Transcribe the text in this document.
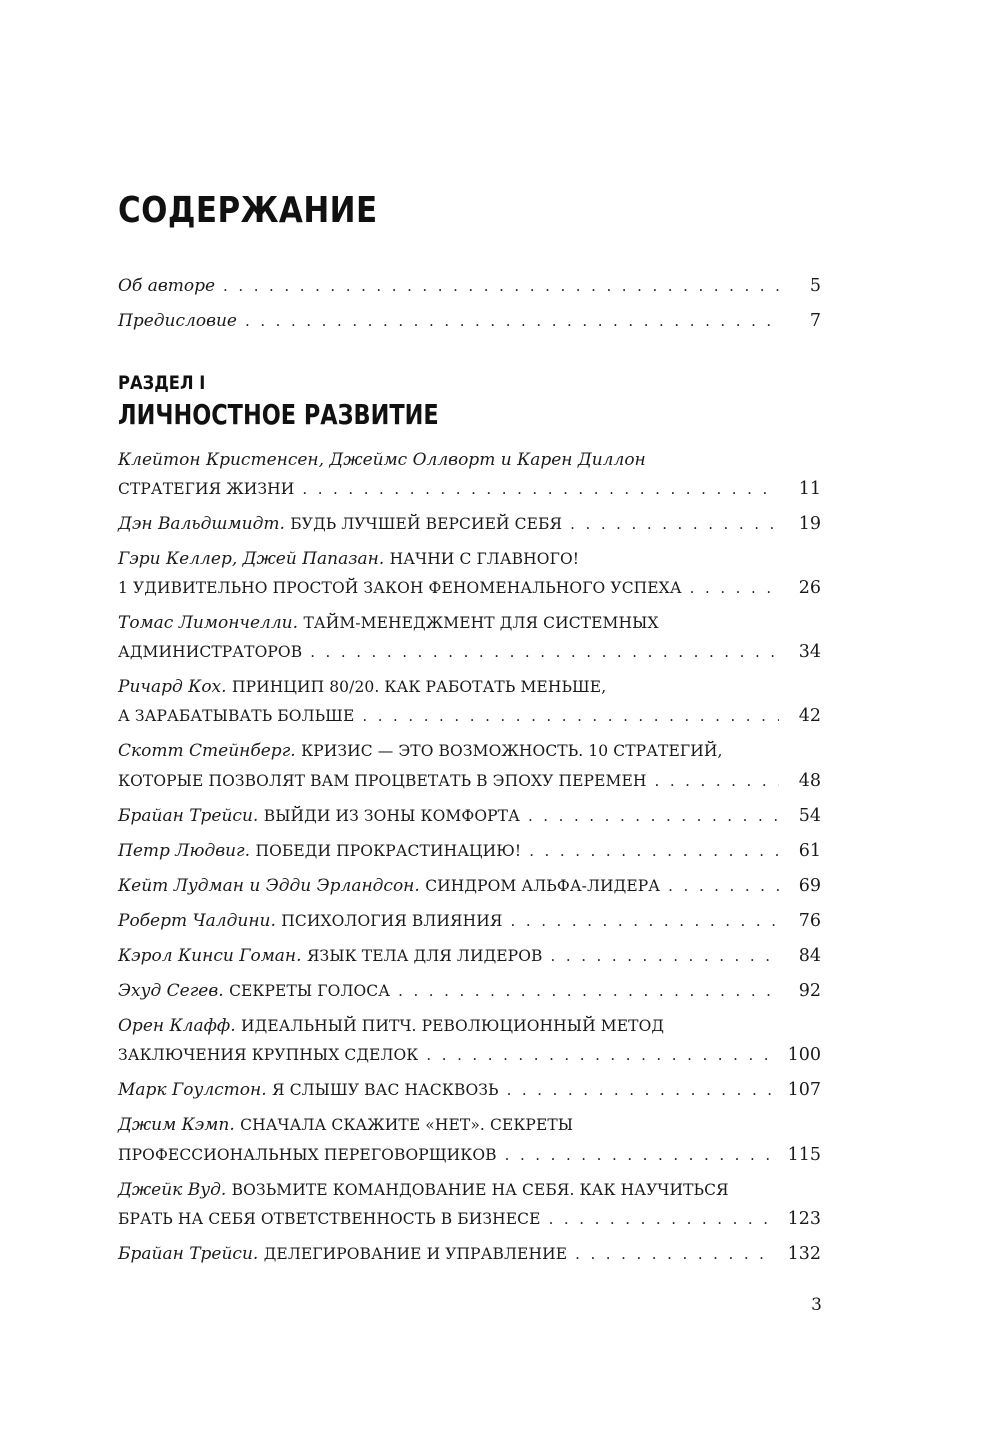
СОДЕРЖАНИЕ
Об авторе . . .	5
Предисловие . . .	7
РАЗДЕЛ I
ЛИЧНОСТНОЕ РАЗВИТИЕ
Клейтон Кристенсен, Джеймс Оллворт и Карен Диллон
СТРАТЕГИЯ ЖИЗНИ . . .	11
Дэн Вальдшмидт.
БУДЬ ЛУЧШЕЙ ВЕРСИЕЙ СЕБЯ . . .	19
Гэри Келлер, Джей Папазан.
НАЧНИ С ГЛАВНОГО!
1 УДИВИТЕЛЬНО ПРОСТОЙ ЗАКОН ФЕНОМЕНАЛЬНОГО УСПЕХА . . .	26
Томас Лимончелли.
ТАЙМ-МЕНЕДЖМЕНТ ДЛЯ СИСТЕМНЫХ
АДМИНИСТРАТОРОВ . . .	34
Ричард Кох.
ПРИНЦИП 80/20. КАК РАБОТАТЬ МЕНЬШЕ,
А ЗАРАБАТЫВАТЬ БОЛЬШЕ . . .	42
Скотт Стейнберг.
КРИЗИС — ЭТО ВОЗМОЖНОСТЬ. 10 СТРАТЕГИЙ,
КОТОРЫЕ ПОЗВОЛЯТ ВАМ ПРОЦВЕТАТЬ В ЭПОХУ ПЕРЕМЕН . . .	48
Брайан Трейси.
ВЫЙДИ ИЗ ЗОНЫ КОМФОРТА . . .	54
Петр Людвиг.
ПОБЕДИ ПРОКРАСТИНАЦИЮ! . . .	61
Кейт Лудман и Эдди Эрландсон.
СИНДРОМ АЛЬФА-ЛИДЕРА . . .	69
Роберт Чалдини.
ПСИХОЛОГИЯ ВЛИЯНИЯ . . .	76
Кэрол Кинси Гоман.
ЯЗЫК ТЕЛА ДЛЯ ЛИДЕРОВ . . .	84
Эхуд Сегев.
СЕКРЕТЫ ГОЛОСА . . .	92
Орен Клафф.
ИДЕАЛЬНЫЙ ПИТЧ. РЕВОЛЮЦИОННЫЙ МЕТОД
ЗАКЛЮЧЕНИЯ КРУПНЫХ СДЕЛОК . . .	100
Марк Гоулстон.
Я СЛЫШУ ВАС НАСКВОЗЬ . . .	107
Джим Кэмп.
СНАЧАЛА СКАЖИТЕ «НЕТ». СЕКРЕТЫ
ПРОФЕССИОНАЛЬНЫХ ПЕРЕГОВОРЩИКОВ . . .	115
Джейк Вуд.
ВОЗЬМИТЕ КОМАНДОВАНИЕ НА СЕБЯ. КАК НАУЧИТЬСЯ
БРАТЬ НА СЕБЯ ОТВЕТСТВЕННОСТЬ В БИЗНЕСЕ . . .	123
Брайан Трейси.
ДЕЛЕГИРОВАНИЕ И УПРАВЛЕНИЕ . . .	132
3
